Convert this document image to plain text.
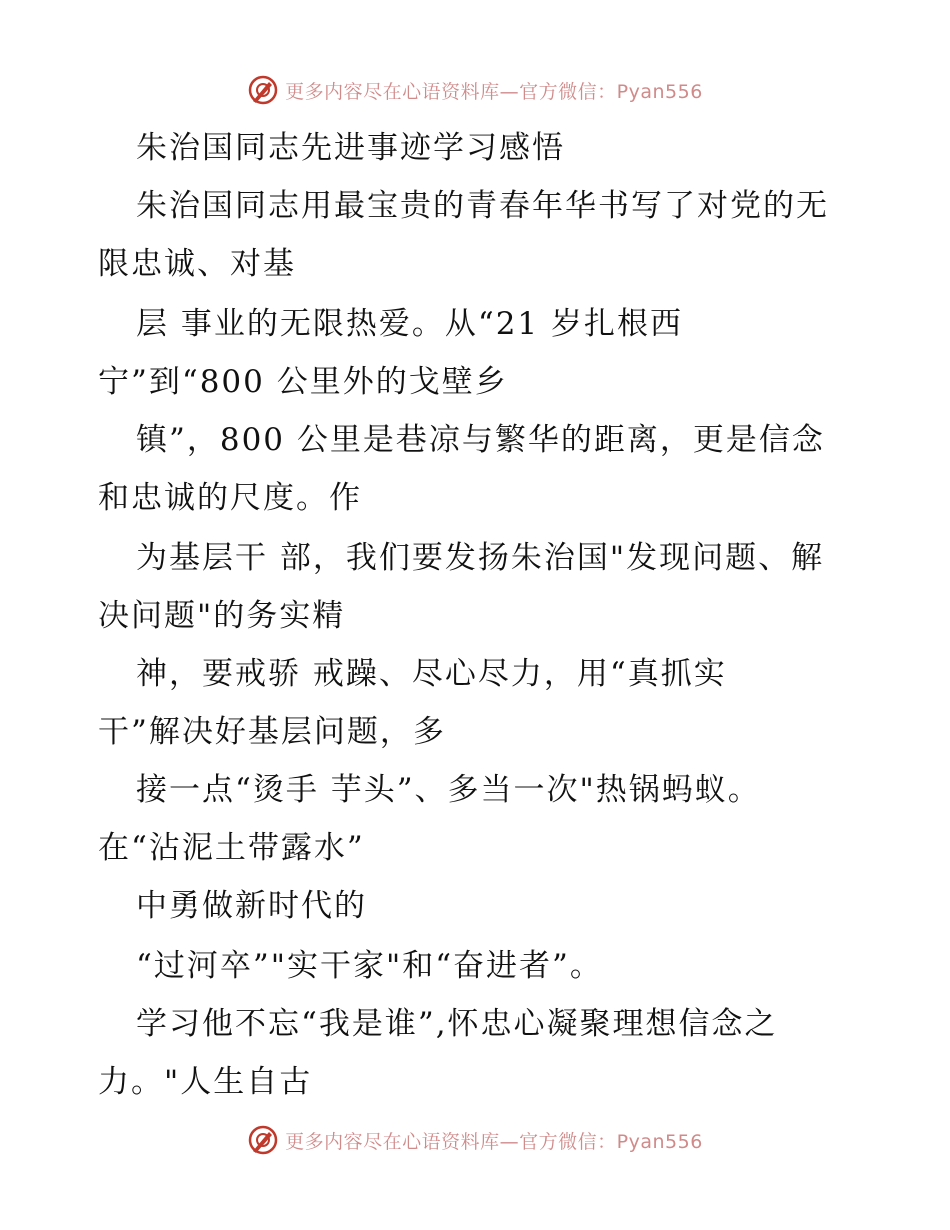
更多内容尽在心语资料库—官方微信：Pyan556
朱治国同志先进事迹学习感悟
朱治国同志用最宝贵的青春年华书写了对党的无
限忠诚、对基
层 事业的无限热爱。从“21 岁扎根西
宁”到“800 公里外的戈壁乡
镇”，800 公里是巷凉与繁华的距离，更是信念
和忠诚的尺度。作
为基层干 部，我们要发扬朱治国"发现问题、解
决问题"的务实精
神，要戒骄 戒躁、尽心尽力，用“真抓实
干”解决好基层问题，多
接一点“烫手 芋头”、多当一次"热锅蚂蚁。
在“沾泥土带露水”
中勇做新时代的
“过河卒”"实干家"和“奋进者”。
学习他不忘“我是谁”,怀忠心凝聚理想信念之
力。"人生自古
更多内容尽在心语资料库—官方微信：Pyan556
